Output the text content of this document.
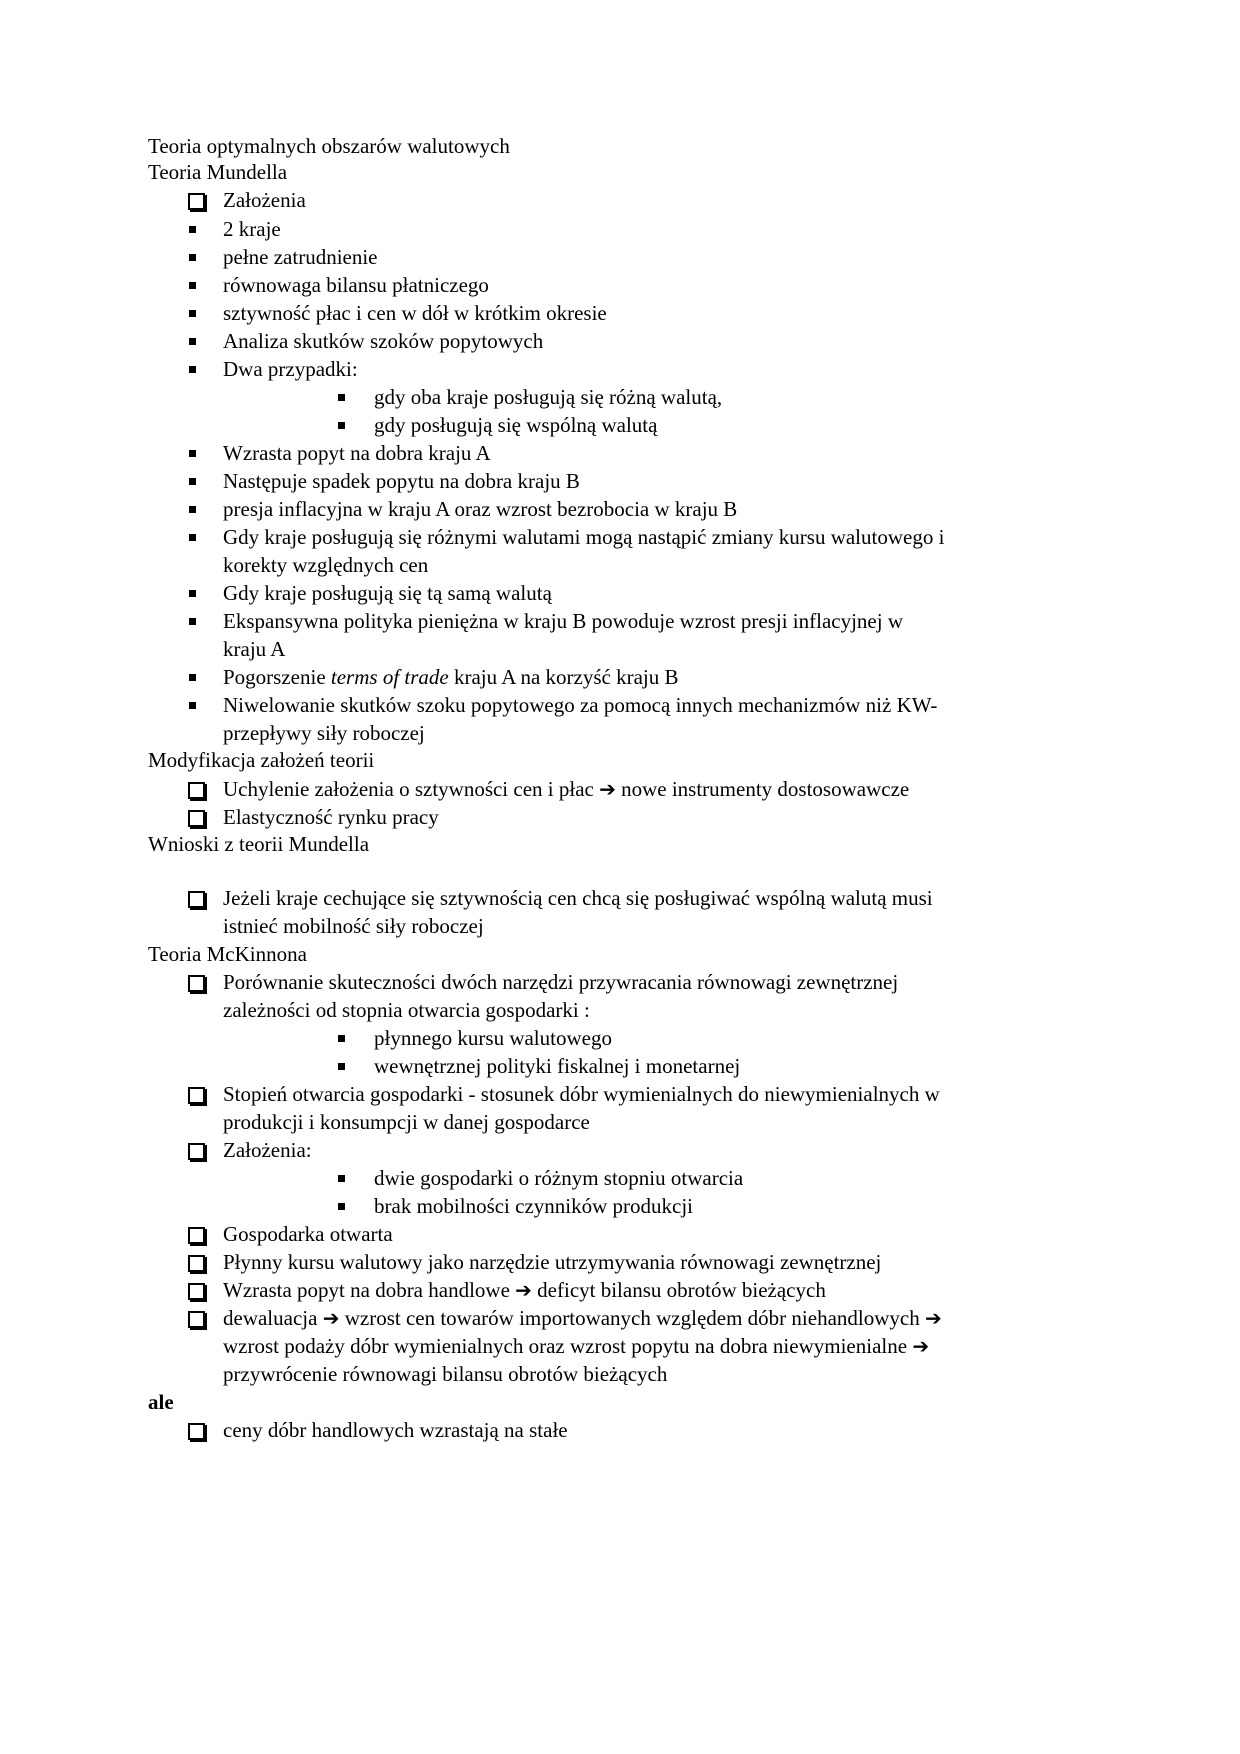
Teoria optymalnych obszarów walutowych
Teoria Mundella
Założenia
2 kraje
pełne zatrudnienie
równowaga bilansu płatniczego
sztywność płac i cen w dół w krótkim okresie
Analiza skutków szoków popytowych
Dwa przypadki:
gdy oba kraje posługują się różną walutą,
gdy posługują się wspólną walutą
Wzrasta popyt na dobra kraju A
Następuje spadek popytu na dobra kraju B
presja inflacyjna w kraju A oraz wzrost bezrobocia w kraju B
Gdy kraje posługują się różnymi walutami mogą nastąpić zmiany kursu walutowego i
korekty względnych cen
Gdy kraje posługują się tą samą walutą
Ekspansywna polityka pieniężna w kraju B powoduje wzrost presji inflacyjnej w
kraju A
Pogorszenie terms of trade kraju A na korzyść kraju B
Niwelowanie skutków szoku popytowego za pomocą innych mechanizmów niż KW-
przepływy siły roboczej
Modyfikacja założeń teorii
Uchylenie założenia o sztywności cen i płac ➔ nowe instrumenty dostosowawcze
Elastyczność rynku pracy
Wnioski z teorii Mundella
Jeżeli kraje cechujące się sztywnością cen chcą się posługiwać wspólną walutą musi
istnieć mobilność siły roboczej
Teoria McKinnona
Porównanie skuteczności dwóch narzędzi przywracania równowagi zewnętrznej
zależności od stopnia otwarcia gospodarki :
płynnego kursu walutowego
wewnętrznej polityki fiskalnej i monetarnej
Stopień otwarcia gospodarki - stosunek dóbr wymienialnych do niewymienialnych w
produkcji i konsumpcji w danej gospodarce
Założenia:
dwie gospodarki o różnym stopniu otwarcia
brak mobilności czynników produkcji
Gospodarka otwarta
Płynny kursu walutowy jako narzędzie utrzymywania równowagi zewnętrznej
Wzrasta popyt na dobra handlowe ➔ deficyt bilansu obrotów bieżących
dewaluacja ➔ wzrost cen towarów importowanych względem dóbr niehandlowych ➔
wzrost podaży dóbr wymienialnych oraz wzrost popytu na dobra niewymienialne ➔
przywrócenie równowagi bilansu obrotów bieżących
ale
ceny dóbr handlowych wzrastają na stałe
